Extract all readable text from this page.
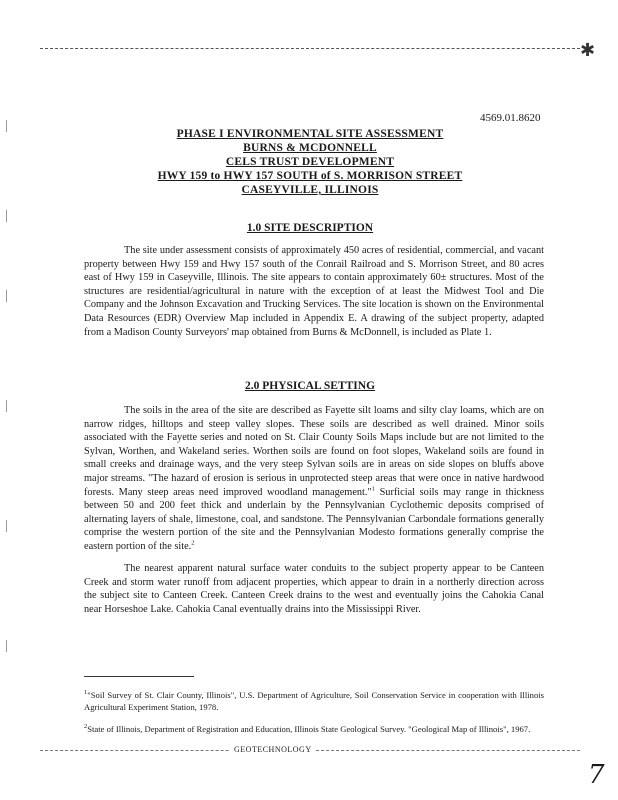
✱
4569.01.8620
PHASE I ENVIRONMENTAL SITE ASSESSMENT
BURNS & MCDONNELL
CELS TRUST DEVELOPMENT
HWY 159 to HWY 157 SOUTH of S. MORRISON STREET
CASEYVILLE, ILLINOIS
1.0 SITE DESCRIPTION
The site under assessment consists of approximately 450 acres of residential, commercial, and vacant property between Hwy 159 and Hwy 157 south of the Conrail Railroad and S. Morrison Street, and 80 acres east of Hwy 159 in Caseyville, Illinois. The site appears to contain approximately 60± structures. Most of the structures are residential/agricultural in nature with the exception of at least the Midwest Tool and Die Company and the Johnson Excavation and Trucking Services. The site location is shown on the Environmental Data Resources (EDR) Overview Map included in Appendix E. A drawing of the subject property, adapted from a Madison County Surveyors' map obtained from Burns & McDonnell, is included as Plate 1.
2.0 PHYSICAL SETTING
The soils in the area of the site are described as Fayette silt loams and silty clay loams, which are on narrow ridges, hilltops and steep valley slopes. These soils are described as well drained. Minor soils associated with the Fayette series and noted on St. Clair County Soils Maps include but are not limited to the Sylvan, Worthen, and Wakeland series. Worthen soils are found on foot slopes, Wakeland soils are found in small creeks and drainage ways, and the very steep Sylvan soils are in areas on side slopes on bluffs above major streams. "The hazard of erosion is serious in unprotected steep areas that were once in native hardwood forests. Many steep areas need improved woodland management."$^1$ Surficial soils may range in thickness between 50 and 200 feet thick and underlain by the Pennsylvanian Cyclothemic deposits comprised of alternating layers of shale, limestone, coal, and sandstone. The Pennsylvanian Carbondale formations generally comprise the western portion of the site and the Pennsylvanian Modesto formations generally comprise the eastern portion of the site.$^2$
The nearest apparent natural surface water conduits to the subject property appear to be Canteen Creek and storm water runoff from adjacent properties, which appear to drain in a northerly direction across the subject site to Canteen Creek. Canteen Creek drains to the west and eventually joins the Cahokia Canal near Horseshoe Lake. Cahokia Canal eventually drains into the Mississippi River.
$^1$"Soil Survey of St. Clair County, Illinois", U.S. Department of Agriculture, Soil Conservation Service in cooperation with Illinois Agricultural Experiment Station, 1978.
$^2$State of Illinois, Department of Registration and Education, Illinois State Geological Survey. "Geological Map of Illinois", 1967.
GEOTECHNOLOGY
7
